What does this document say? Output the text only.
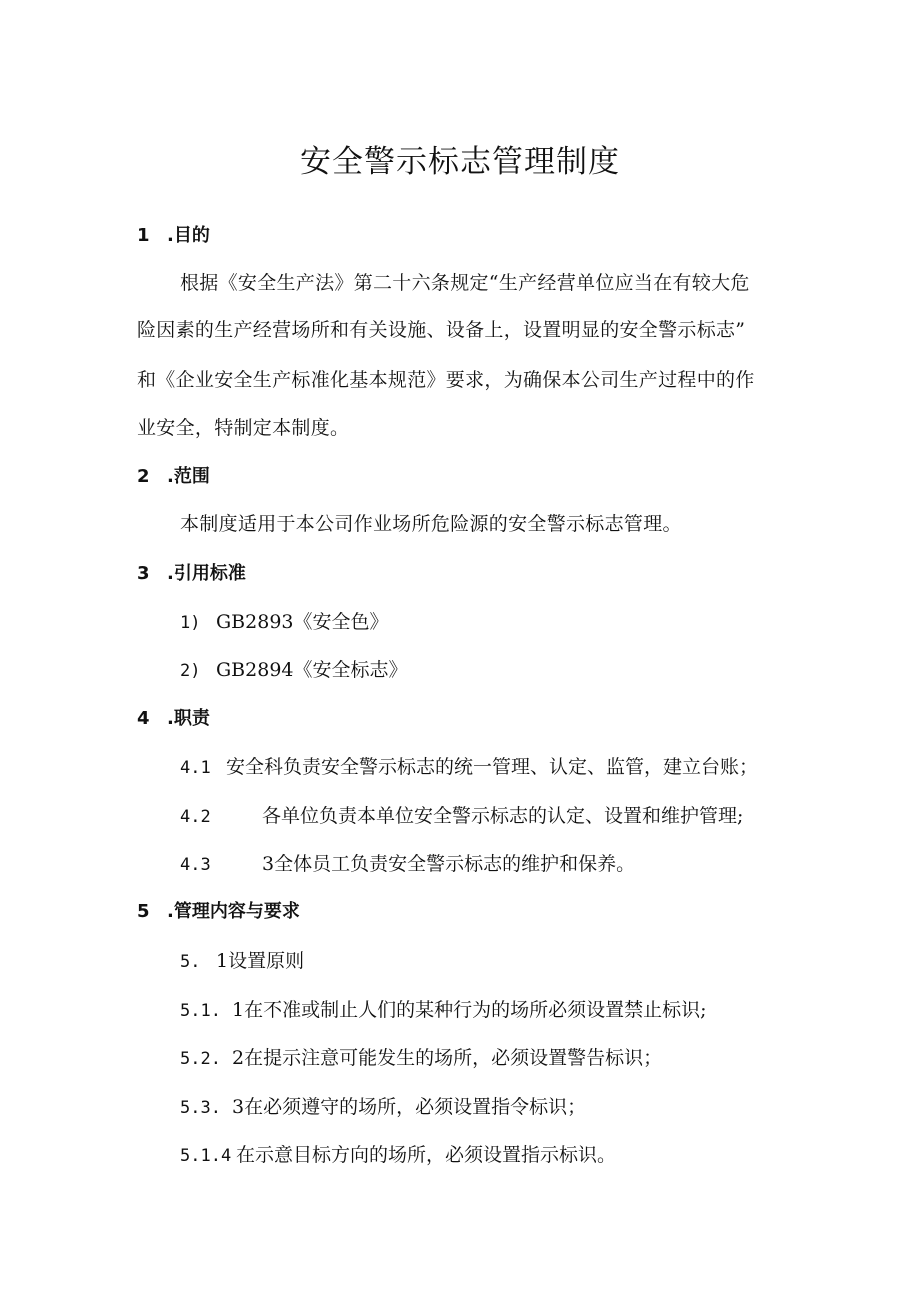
安全警示标志管理制度
1 .目的
根据《安全生产法》第二十六条规定“生产经营单位应当在有较大危
险因素的生产经营场所和有关设施、设备上，设置明显的安全警示标志”
和《企业安全生产标准化基本规范》要求，为确保本公司生产过程中的作
业安全，特制定本制度。
2 .范围
本制度适用于本公司作业场所危险源的安全警示标志管理。
3 .引用标准
1) GB2893《安全色》
2) GB2894《安全标志》
4 .职责
4.1 安全科负责安全警示标志的统一管理、认定、监管，建立台账；
4.2	各单位负责本单位安全警示标志的认定、设置和维护管理;
4.3	3全体员工负责安全警示标志的维护和保养。
5 .管理内容与要求
5. 1设置原则
5.1. 1在不准或制止人们的某种行为的场所必须设置禁止标识;
5.2. 2在提示注意可能发生的场所，必须设置警告标识；
5.3. 3在必须遵守的场所，必须设置指令标识；
5.1.4 在示意目标方向的场所，必须设置指示标识。
